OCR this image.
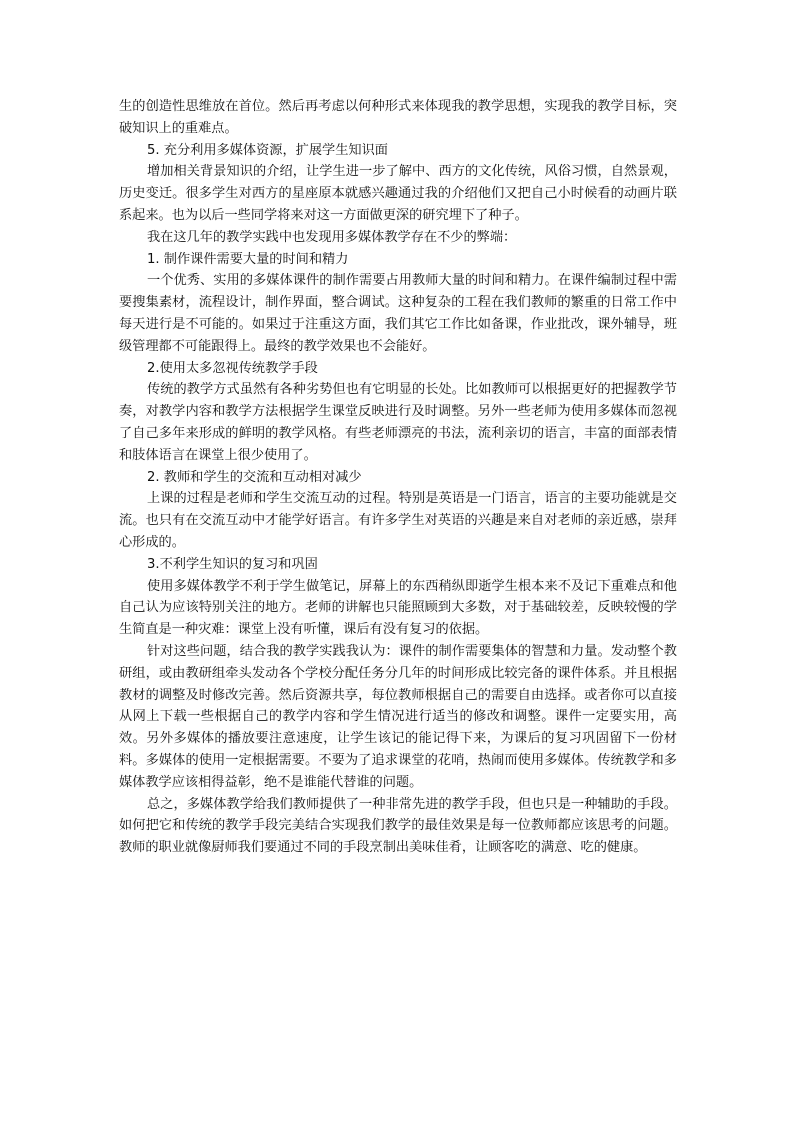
生的创造性思维放在首位。然后再考虑以何种形式来体现我的教学思想，实现我的教学目标，突破知识上的重难点。

5. 充分利用多媒体资源，扩展学生知识面

增加相关背景知识的介绍，让学生进一步了解中、西方的文化传统，风俗习惯，自然景观，历史变迁。很多学生对西方的星座原本就感兴趣通过我的介绍他们又把自己小时候看的动画片联系起来。也为以后一些同学将来对这一方面做更深的研究埋下了种子。

我在这几年的教学实践中也发现用多媒体教学存在不少的弊端：

1. 制作课件需要大量的时间和精力

一个优秀、实用的多媒体课件的制作需要占用教师大量的时间和精力。在课件编制过程中需要搜集素材，流程设计，制作界面，整合调试。这种复杂的工程在我们教师的繁重的日常工作中每天进行是不可能的。如果过于注重这方面，我们其它工作比如备课，作业批改，课外辅导，班级管理都不可能跟得上。最终的教学效果也不会能好。

2.使用太多忽视传统教学手段

传统的教学方式虽然有各种劣势但也有它明显的长处。比如教师可以根据更好的把握教学节奏，对教学内容和教学方法根据学生课堂反映进行及时调整。另外一些老师为使用多媒体而忽视了自己多年来形成的鲜明的教学风格。有些老师漂亮的书法，流利亲切的语言，丰富的面部表情和肢体语言在课堂上很少使用了。

2. 教师和学生的交流和互动相对减少

上课的过程是老师和学生交流互动的过程。特别是英语是一门语言，语言的主要功能就是交流。也只有在交流互动中才能学好语言。有许多学生对英语的兴趣是来自对老师的亲近感，崇拜心形成的。

3.不利学生知识的复习和巩固

使用多媒体教学不利于学生做笔记，屏幕上的东西稍纵即逝学生根本来不及记下重难点和他自己认为应该特别关注的地方。老师的讲解也只能照顾到大多数，对于基础较差，反映较慢的学生简直是一种灾难：课堂上没有听懂，课后有没有复习的依据。

针对这些问题，结合我的教学实践我认为：课件的制作需要集体的智慧和力量。发动整个教研组，或由教研组牵头发动各个学校分配任务分几年的时间形成比较完备的课件体系。并且根据教材的调整及时修改完善。然后资源共享，每位教师根据自己的需要自由选择。或者你可以直接从网上下载一些根据自己的教学内容和学生情况进行适当的修改和调整。课件一定要实用，高效。另外多媒体的播放要注意速度，让学生该记的能记得下来，为课后的复习巩固留下一份材料。多媒体的使用一定根据需要。不要为了追求课堂的花哨，热闹而使用多媒体。传统教学和多媒体教学应该相得益彰，绝不是谁能代替谁的问题。

总之，多媒体教学给我们教师提供了一种非常先进的教学手段，但也只是一种辅助的手段。如何把它和传统的教学手段完美结合实现我们教学的最佳效果是每一位教师都应该思考的问题。教师的职业就像厨师我们要通过不同的手段烹制出美味佳肴，让顾客吃的满意、吃的健康。
